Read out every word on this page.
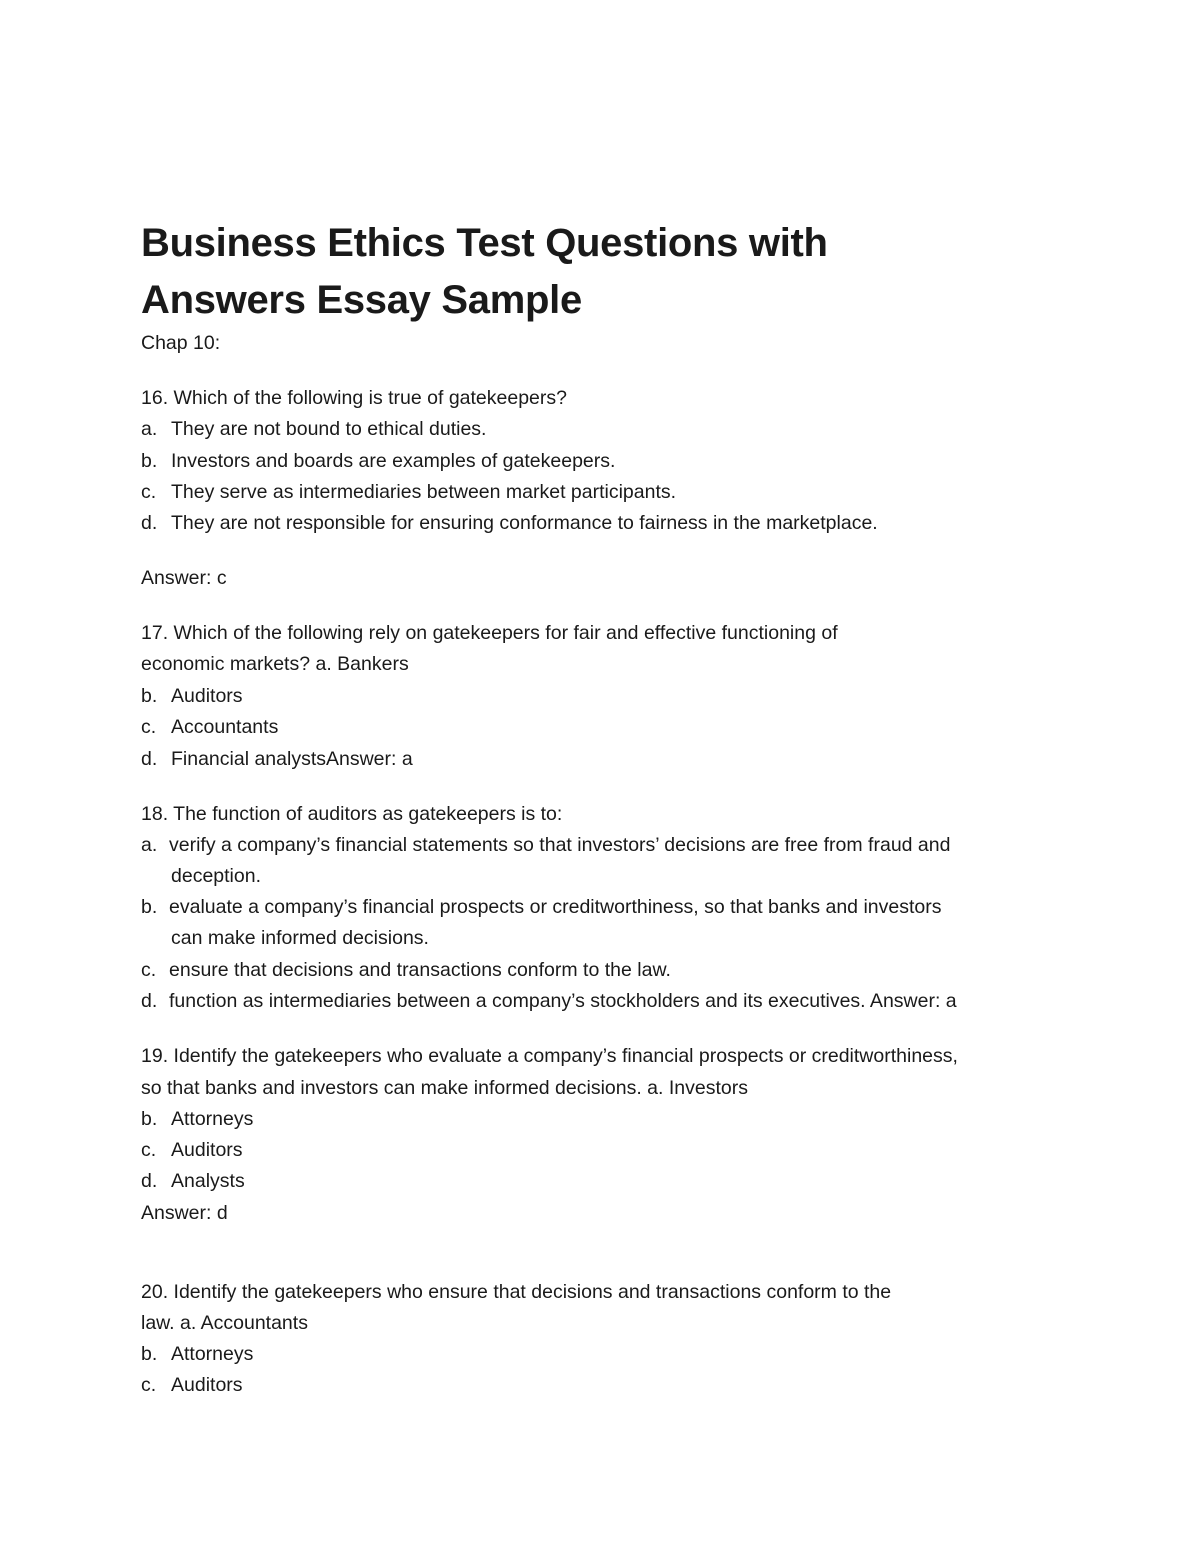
Business Ethics Test Questions with
Answers Essay Sample

Chap 10:

16. Which of the following is true of gatekeepers?

a. They are not bound to ethical duties.

b. Investors and boards are examples of gatekeepers.

c. They serve as intermediaries between market participants.

d. They are not responsible for ensuring conformance to fairness in the marketplace.

Answer: c

17. Which of the following rely on gatekeepers for fair and effective functioning of

economic markets? a. Bankers

b. Auditors

c. Accountants

d. Financial analystsAnswer: a

18. The function of auditors as gatekeepers is to:

a. verify a company’s financial statements so that investors’ decisions are free from fraud and

deception.

b. evaluate a company’s financial prospects or creditworthiness, so that banks and investors

can make informed decisions.

c. ensure that decisions and transactions conform to the law.

d. function as intermediaries between a company’s stockholders and its executives. Answer: a

19. Identify the gatekeepers who evaluate a company’s financial prospects or creditworthiness,

so that banks and investors can make informed decisions. a. Investors

b. Attorneys

c. Auditors

d. Analysts

Answer: d

20. Identify the gatekeepers who ensure that decisions and transactions conform to the

law. a. Accountants

b. Attorneys

c. Auditors
